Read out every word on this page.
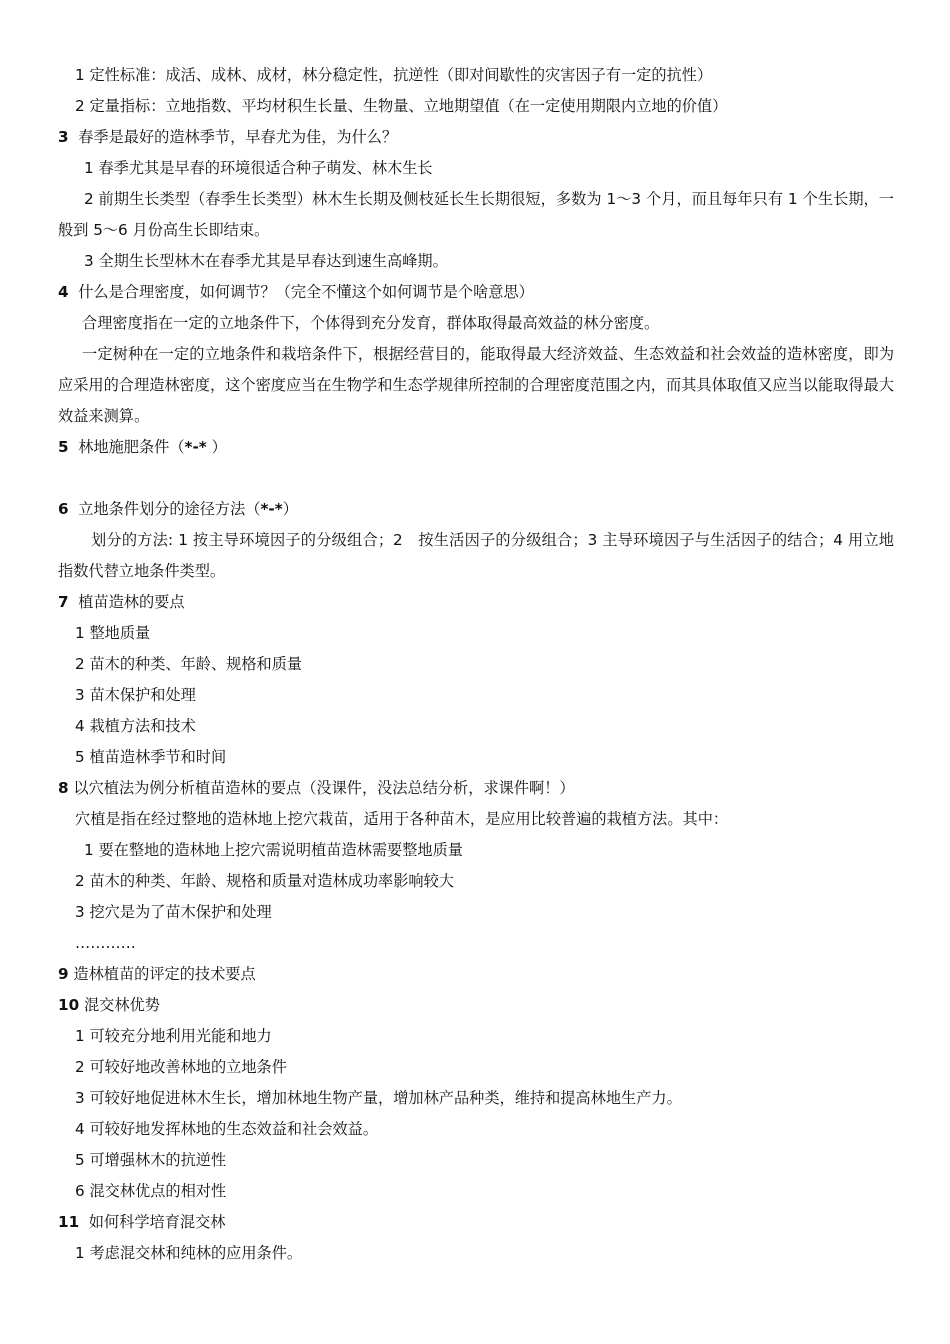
1 定性标准：成活、成林、成材，林分稳定性，抗逆性（即对间歇性的灾害因子有一定的抗性）

2 定量指标：立地指数、平均材积生长量、生物量、立地期望值（在一定使用期限内立地的价值）

3 春季是最好的造林季节，早春尤为佳，为什么？

1 春季尤其是早春的环境很适合种子萌发、林木生长

2 前期生长类型（春季生长类型）林木生长期及侧枝延长生长期很短，多数为 1～3 个月，而且每年只有 1 个生长期，一般到 5～6 月份高生长即结束。

3 全期生长型林木在春季尤其是早春达到速生高峰期。

4 什么是合理密度，如何调节？（完全不懂这个如何调节是个啥意思）

合理密度指在一定的立地条件下，个体得到充分发育，群体取得最高效益的林分密度。

一定树种在一定的立地条件和栽培条件下，根据经营目的，能取得最大经济效益、生态效益和社会效益的造林密度，即为应采用的合理造林密度，这个密度应当在生物学和生态学规律所控制的合理密度范围之内，而其具体取值又应当以能取得最大效益来测算。

5 林地施肥条件（*-* ）

6 立地条件划分的途径方法（*-*）

划分的方法: 1 按主导环境因子的分级组合；2　按生活因子的分级组合；3 主导环境因子与生活因子的结合；4 用立地指数代替立地条件类型。

7 植苗造林的要点

1 整地质量

2 苗木的种类、年龄、规格和质量

3 苗木保护和处理

4 栽植方法和技术

5 植苗造林季节和时间

8 以穴植法为例分析植苗造林的要点（没课件，没法总结分析，求课件啊！）

穴植是指在经过整地的造林地上挖穴栽苗，适用于各种苗木，是应用比较普遍的栽植方法。其中：

1 要在整地的造林地上挖穴需说明植苗造林需要整地质量

2 苗木的种类、年龄、规格和质量对造林成功率影响较大

3 挖穴是为了苗木保护和处理

…………

9 造林植苗的评定的技术要点

10 混交林优势

1 可较充分地利用光能和地力

2 可较好地改善林地的立地条件

3 可较好地促进林木生长，增加林地生物产量，增加林产品种类，维持和提高林地生产力。

4 可较好地发挥林地的生态效益和社会效益。

5 可增强林木的抗逆性

6 混交林优点的相对性

11 如何科学培育混交林

1 考虑混交林和纯林的应用条件。
